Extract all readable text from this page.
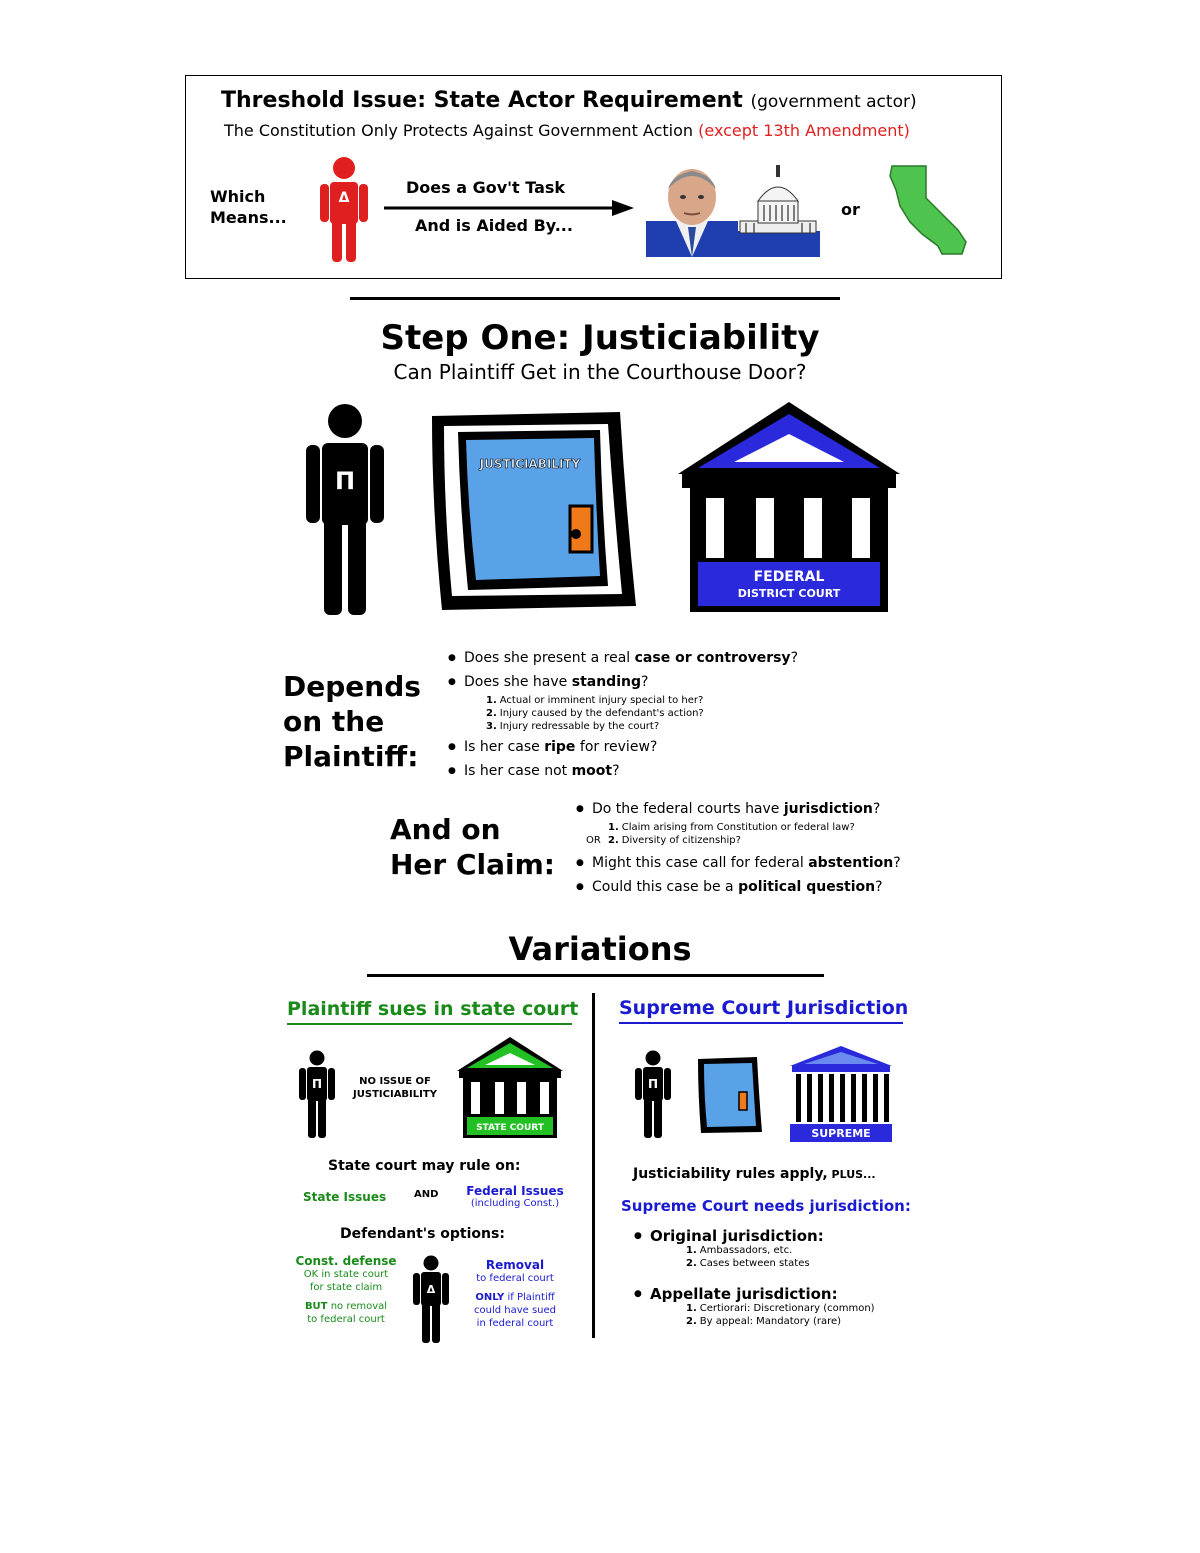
Threshold Issue: State Actor Requirement (government actor)
The Constitution Only Protects Against Government Action (except 13th Amendment)
Which
Means...
Δ
Does a Gov't Task
And is Aided By...
or
Step One: Justiciability
Can Plaintiff Get in the Courthouse Door?
Π
JUSTICIABILITY
FEDERAL
DISTRICT COURT
Depends
on the
Plaintiff:
● Does she present a real case or controversy?
● Does she have standing?
1. Actual or imminent injury special to her?
2. Injury caused by the defendant's action?
3. Injury redressable by the court?
● Is her case ripe for review?
● Is her case not moot?
And on
Her Claim:
● Do the federal courts have jurisdiction?
1. Claim arising from Constitution or federal law?
OR 2. Diversity of citizenship?
● Might this case call for federal abstention?
● Could this case be a political question?
Variations
Plaintiff sues in state court
Π	NO ISSUE OF
JUSTICIABILITY
STATE COURT
State court may rule on:
State Issues	AND	Federal Issues
(including Const.)
Defendant's options:
Const. defense
OK in state court
for state claim
BUT no removal
to federal court
Δ
Removal
to federal court
ONLY if Plaintiff
could have sued
in federal court
Supreme Court Jurisdiction
Π
SUPREME
Justiciability rules apply, PLUS...
Supreme Court needs jurisdiction:
● Original jurisdiction:
1. Ambassadors, etc.
2. Cases between states
● Appellate jurisdiction:
1. Certiorari: Discretionary (common)
2. By appeal: Mandatory (rare)
